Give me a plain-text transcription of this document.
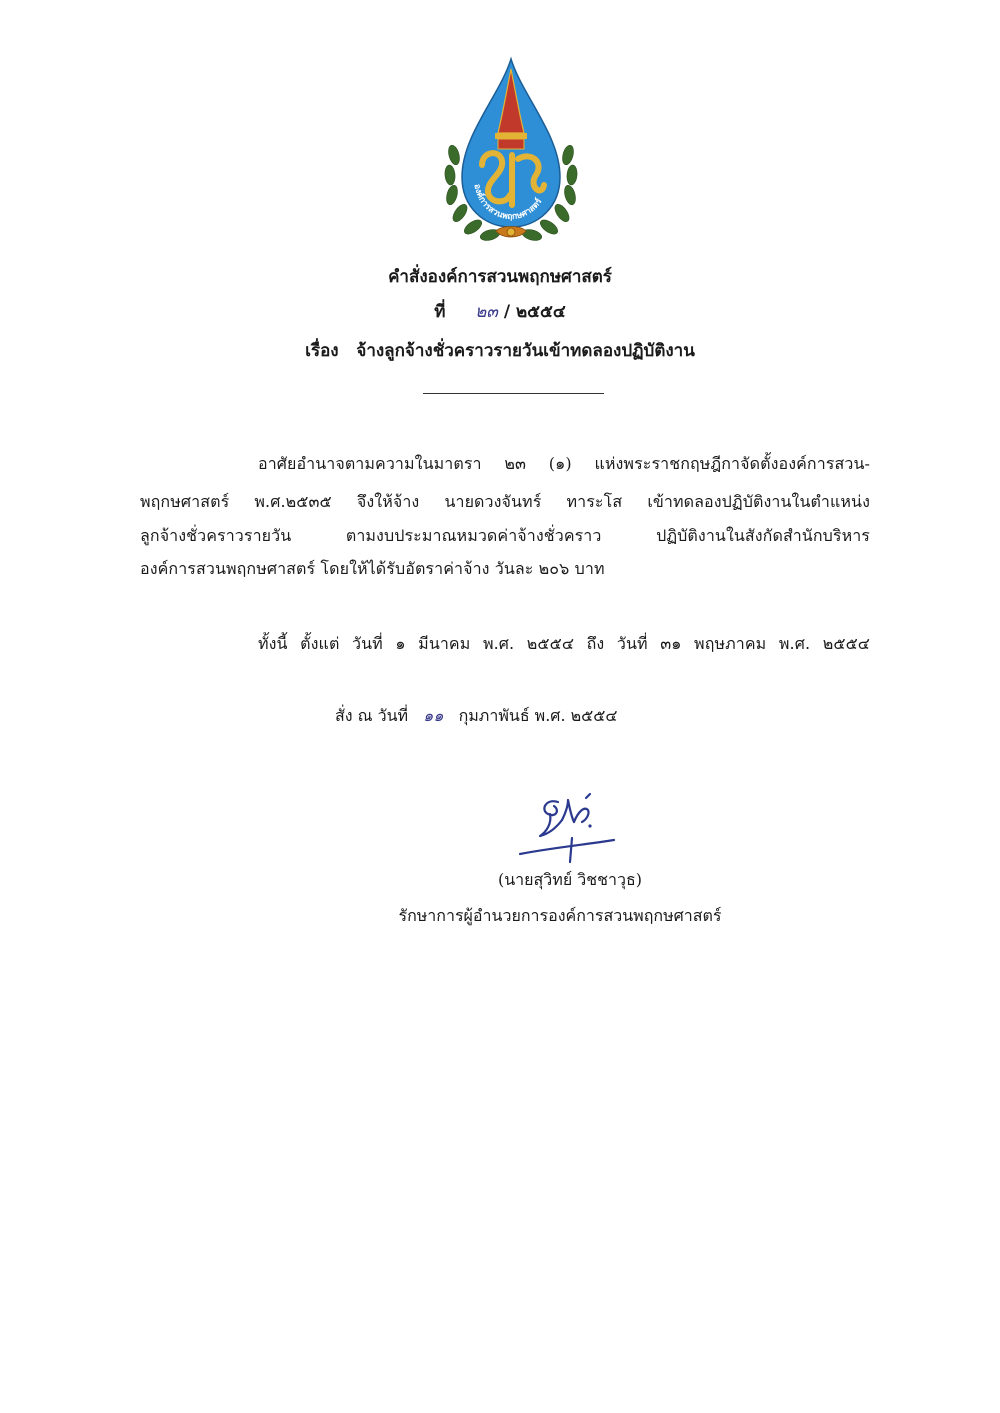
องค์การสวนพฤกษศาสตร์
คำสั่งองค์การสวนพฤกษศาสตร์
ที่ ๒๓ / ๒๕๕๔
เรื่อง จ้างลูกจ้างชั่วคราวรายวันเข้าทดลองปฏิบัติงาน
อาศัยอำนาจตามความในมาตรา ๒๓ (๑) แห่งพระราชกฤษฎีกาจัดตั้งองค์การสวน-
พฤกษศาสตร์ พ.ศ.๒๕๓๕ จึงให้จ้าง นายดวงจันทร์ ทาระโส เข้าทดลองปฏิบัติงานในตำแหน่ง
ลูกจ้างชั่วคราวรายวัน ตามงบประมาณหมวดค่าจ้างชั่วคราว ปฏิบัติงานในสังกัดสำนักบริหาร
องค์การสวนพฤกษศาสตร์ โดยให้ได้รับอัตราค่าจ้าง วันละ ๒๐๖ บาท
ทั้งนี้ ตั้งแต่ วันที่ ๑ มีนาคม พ.ศ. ๒๕๕๔ ถึง วันที่ ๓๑ พฤษภาคม พ.ศ. ๒๕๕๔
สั่ง ณ วันที่ ๑๑ กุมภาพันธ์ พ.ศ. ๒๕๕๔
(นายสุวิทย์ วิชชาวุธ)
รักษาการผู้อำนวยการองค์การสวนพฤกษศาสตร์
